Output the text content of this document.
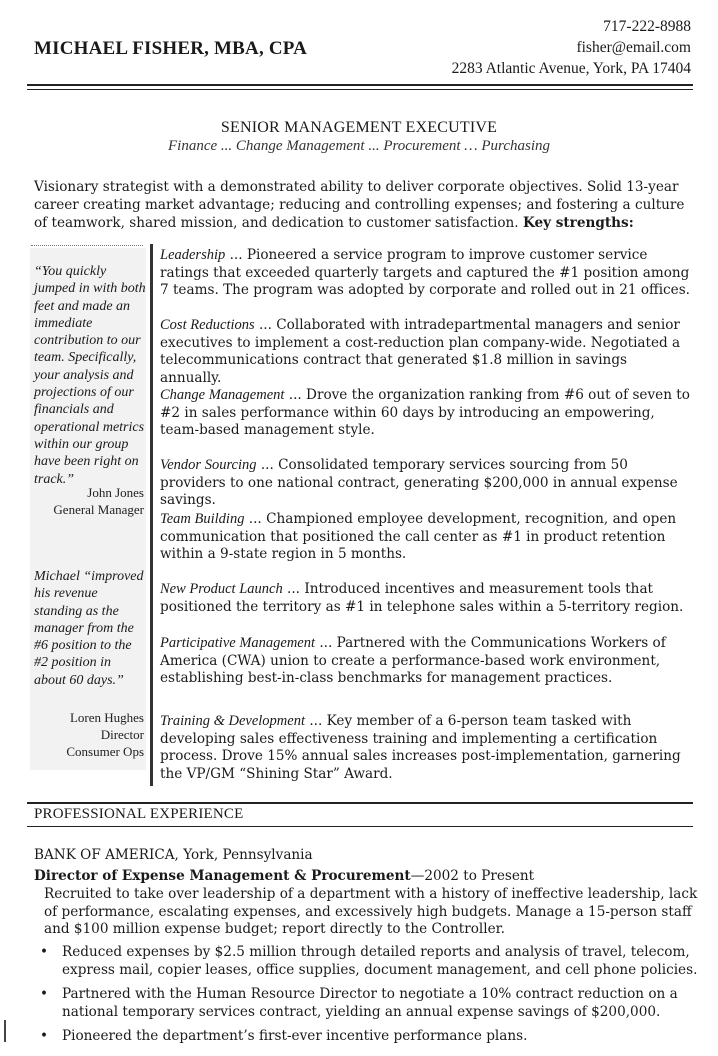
MICHAEL FISHER, MBA, CPA
717-222-8988
fisher@email.com
2283 Atlantic Avenue, York, PA 17404
SENIOR MANAGEMENT EXECUTIVE
Finance ... Change Management ... Procurement … Purchasing
Visionary strategist with a demonstrated ability to deliver corporate objectives. Solid 13-year career creating market advantage; reducing and controlling expenses; and fostering a culture of teamwork, shared mission, and dedication to customer satisfaction. Key strengths:
“You quickly jumped in with both feet and made an immediate contribution to our team. Specifically, your analysis and projections of our financials and operational metrics within our group have been right on track.”
John Jones
General Manager
Michael “improved his revenue standing as the manager from the #6 position to the #2 position in about 60 days.”
Loren Hughes
Director
Consumer Ops
Leadership ... Pioneered a service program to improve customer service ratings that exceeded quarterly targets and captured the #1 position among 7 teams. The program was adopted by corporate and rolled out in 21 offices.
Cost Reductions ... Collaborated with intradepartmental managers and senior executives to implement a cost-reduction plan company-wide. Negotiated a telecommunications contract that generated $1.8 million in savings annually.
Change Management ... Drove the organization ranking from #6 out of seven to #2 in sales performance within 60 days by introducing an empowering, team-based management style.
Vendor Sourcing ... Consolidated temporary services sourcing from 50 providers to one national contract, generating $200,000 in annual expense savings.
Team Building ... Championed employee development, recognition, and open communication that positioned the call center as #1 in product retention within a 9-state region in 5 months.
New Product Launch ... Introduced incentives and measurement tools that positioned the territory as #1 in telephone sales within a 5-territory region.
Participative Management ... Partnered with the Communications Workers of America (CWA) union to create a performance-based work environment, establishing best-in-class benchmarks for management practices.
Training & Development ... Key member of a 6-person team tasked with developing sales effectiveness training and implementing a certification process. Drove 15% annual sales increases post-implementation, garnering the VP/GM “Shining Star” Award.
PROFESSIONAL EXPERIENCE
BANK OF AMERICA, York, Pennsylvania
Director of Expense Management & Procurement—2002 to Present
Recruited to take over leadership of a department with a history of ineffective leadership, lack of performance, escalating expenses, and excessively high budgets. Manage a 15-person staff and $100 million expense budget; report directly to the Controller.
• Reduced expenses by $2.5 million through detailed reports and analysis of travel, telecom, express mail, copier leases, office supplies, document management, and cell phone policies.
• Partnered with the Human Resource Director to negotiate a 10% contract reduction on a national temporary services contract, yielding an annual expense savings of $200,000.
• Pioneered the department’s first-ever incentive performance plans.
